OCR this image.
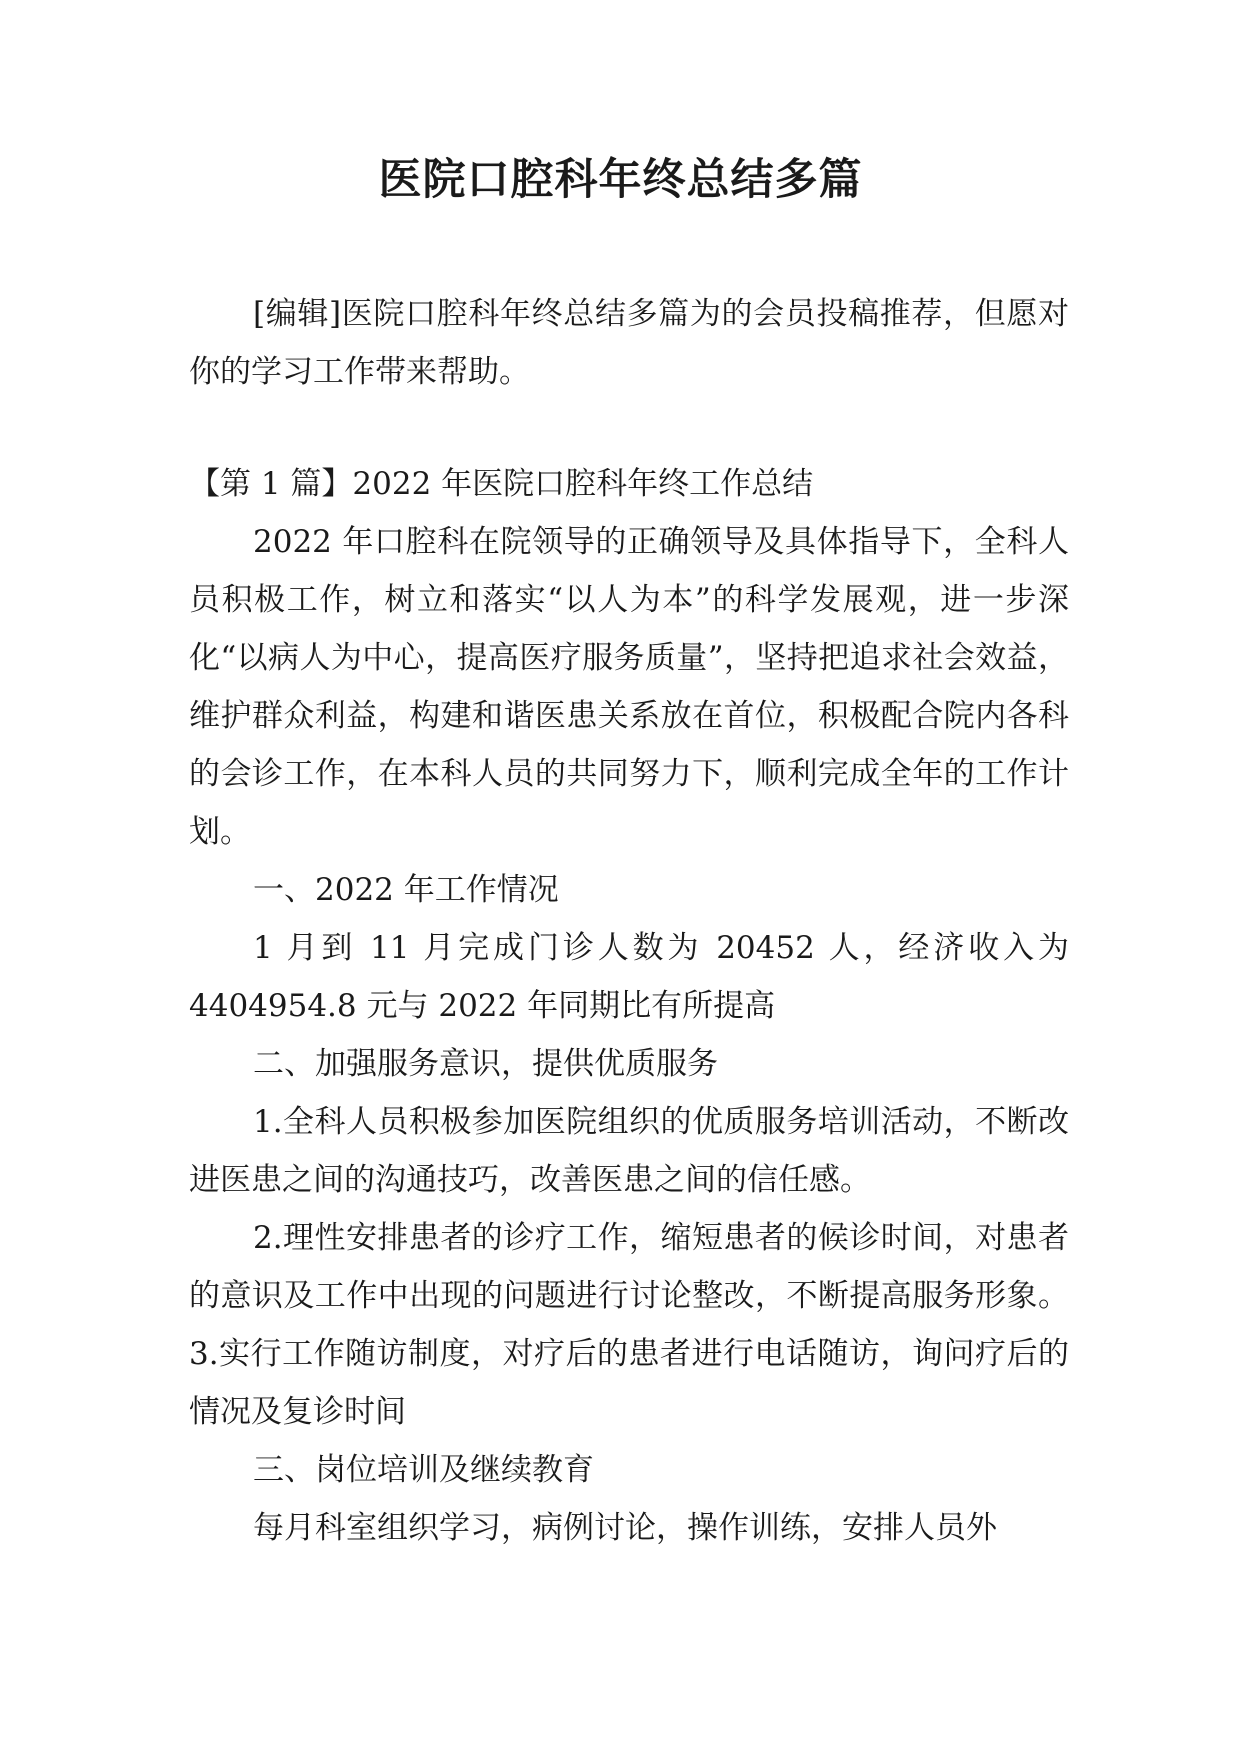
医院口腔科年终总结多篇
[编辑]医院口腔科年终总结多篇为的会员投稿推荐，但愿对你的学习工作带来帮助。

【第 1 篇】2022 年医院口腔科年终工作总结

2022 年口腔科在院领导的正确领导及具体指导下，全科人员积极工作，树立和落实“以人为本”的科学发展观，进一步深化“以病人为中心，提高医疗服务质量”，坚持把追求社会效益，维护群众利益，构建和谐医患关系放在首位，积极配合院内各科的会诊工作，在本科人员的共同努力下，顺利完成全年的工作计划。

一、2022 年工作情况

1 月到 11 月完成门诊人数为 20452 人，经济收入为4404954.8 元与 2022 年同期比有所提高

二、加强服务意识，提供优质服务

1.全科人员积极参加医院组织的优质服务培训活动，不断改进医患之间的沟通技巧，改善医患之间的信任感。

2.理性安排患者的诊疗工作，缩短患者的候诊时间，对患者的意识及工作中出现的问题进行讨论整改，不断提高服务形象。3.实行工作随访制度，对疗后的患者进行电话随访，询问疗后的情况及复诊时间

三、岗位培训及继续教育

每月科室组织学习，病例讨论，操作训练，安排人员外
